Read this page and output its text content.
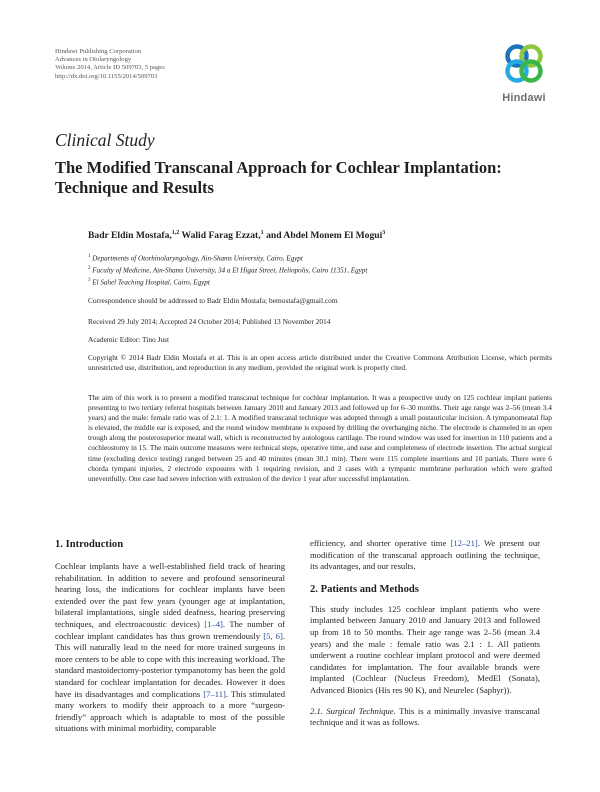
Hindawi Publishing Corporation
Advances in Otolaryngology
Volume 2014, Article ID 509703, 5 pages
http://dx.doi.org/10.1155/2014/509703
Hindawi
Clinical Study
The Modified Transcanal Approach for Cochlear Implantation: Technique and Results
Badr Eldin Mostafa,$^{1,2}$ Walid Farag Ezzat,$^1$ and Abdel Monem El Mogui$^3$
$^1$ Departments of Otorhinolaryngology, Ain-Shams University, Cairo, Egypt
$^2$ Faculty of Medicine, Ain-Shams University, 34 a El Higaz Street, Heliopolis, Cairo 11351, Egypt
$^3$ El Sahel Teaching Hospital, Cairo, Egypt
Correspondence should be addressed to Badr Eldin Mostafa; bemostafa@gmail.com
Received 29 July 2014; Accepted 24 October 2014; Published 13 November 2014
Academic Editor: Tino Just
Copyright © 2014 Badr Eldin Mostafa et al. This is an open access article distributed under the Creative Commons Attribution License, which permits unrestricted use, distribution, and reproduction in any medium, provided the original work is properly cited.
The aim of this work is to present a modified transcanal technique for cochlear implantation. It was a prospective study on 125 cochlear implant patients presenting to two tertiary referral hospitals between January 2010 and January 2013 and followed up for 6–30 months. Their age range was 2–56 (mean 3.4 years) and the male: female ratio was of 2.1: 1. A modified transcanal technique was adopted through a small postauricular incision. A tympanomeatal flap is elevated, the middle ear is exposed, and the round window membrane is exposed by drilling the overhanging niche. The electrode is channeled in an open trough along the posterosuperior meatal wall, which is reconstructed by autologous cartilage. The round window was used for insertion in 110 patients and a cochleostomy in 15. The main outcome measures were technical steps, operative time, and ease and completeness of electrode insertion. The actual surgical time (excluding device testing) ranged between 25 and 40 minutes (mean 30.1 min). There were 115 complete insertions and 10 partials. There were 6 chorda tympani injuries, 2 electrode exposures with 1 requiring revision, and 2 cases with a tympanic membrane perforation which were grafted uneventfully. One case had severe infection with extrusion of the device 1 year after successful implantation.
1. Introduction
Cochlear implants have a well-established field track of hearing rehabilitation. In addition to severe and profound sensorineural hearing loss, the indications for cochlear implants have been extended over the past few years (younger age at implantation, bilateral implantations, single sided deafness, hearing preserving techniques, and electroacoustic devices) [1–4]. The number of cochlear implant candidates has thus grown tremendously [5, 6]. This will naturally lead to the need for more trained surgeons in more centers to be able to cope with this increasing workload. The standard mastoidectomy-posterior tympanotomy has been the gold standard for cochlear implantation for decades. However it does have its disadvantages and complications [7–11]. This stimulated many workers to modify their approach to a more “surgeon-friendly” approach which is adaptable to most of the possible situations with minimal morbidity, comparable
efficiency, and shorter operative time [12–21]. We present our modification of the transcanal approach outlining the technique, its advantages, and our results.
2. Patients and Methods
This study includes 125 cochlear implant patients who were implanted between January 2010 and January 2013 and followed up from 18 to 50 months. Their age range was 2–56 (mean 3.4 years) and the male : female ratio was 2.1 : 1. All patients underwent a routine cochlear implant protocol and were deemed candidates for implantation. The four available brands were implanted (Cochlear (Nucleus Freedom), MedEl (Sonata), Advanced Bionics (His res 90 K), and Neurelec (Saphyr)).
2.1. Surgical Technique. This is a minimally invasive transcanal technique and it was as follows.
